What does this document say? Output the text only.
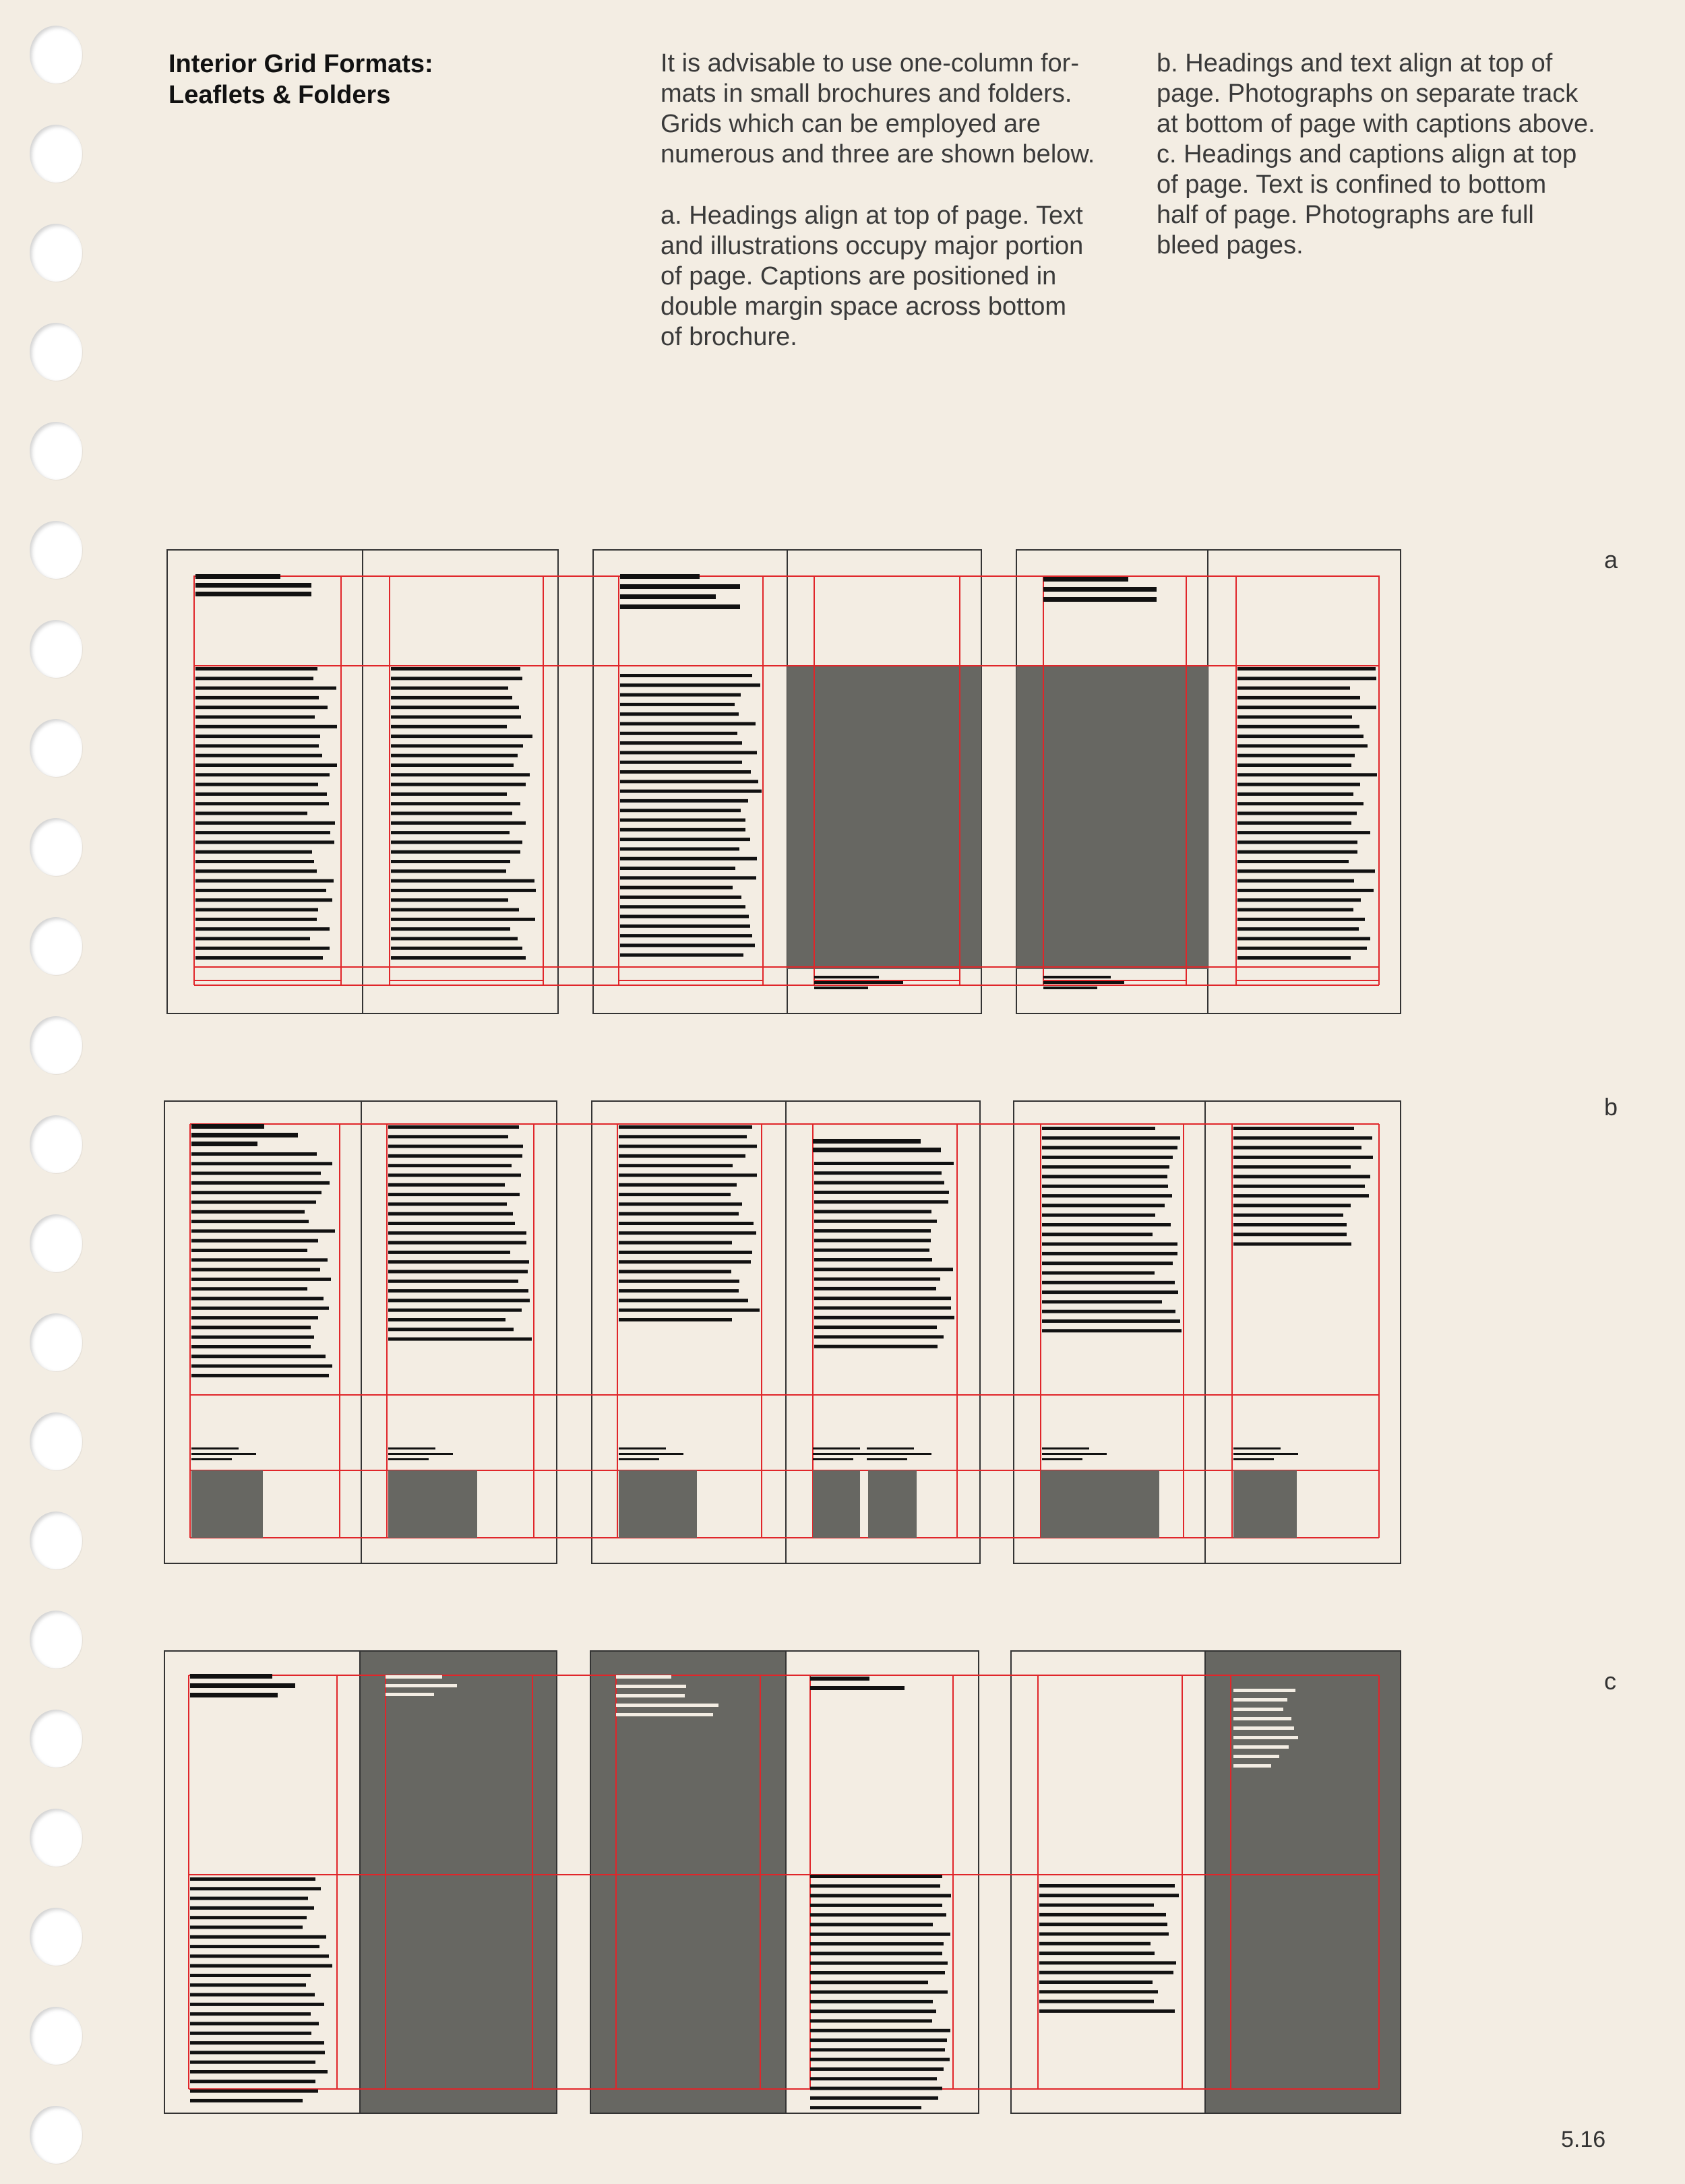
Interior Grid Formats:
Leaflets & Folders

It is advisable to use one-column for-
mats in small brochures and folders.
Grids which can be employed are
numerous and three are shown below.

a. Headings align at top of page. Text
and illustrations occupy major portion
of page. Captions are positioned in
double margin space across bottom
of brochure.

b. Headings and text align at top of
page. Photographs on separate track
at bottom of page with captions above.
c. Headings and captions align at top
of page. Text is confined to bottom
half of page. Photographs are full
bleed pages.

a
b
c
5.16
